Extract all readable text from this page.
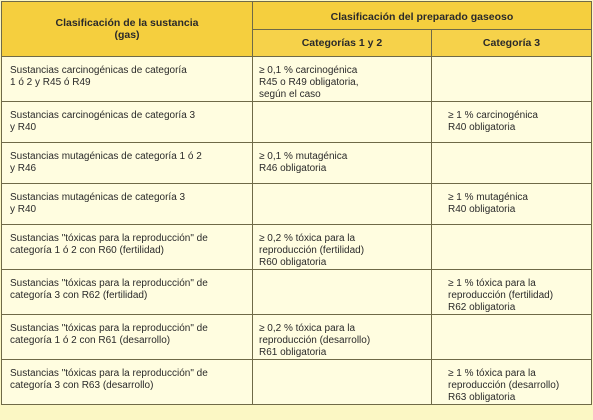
Clasificación de la sustancia
(gas)	Clasificación del preparado gaseoso	

	Categorías 1 y 2	Categoría 3

Sustancias carcinogénicas de categoría
1 ó 2 y R45 ó R49	≥ 0,1 % carcinogénica
R45 o R49 obligatoria,
según el caso	

Sustancias carcinogénicas de categoría 3
y R40		≥ 1 % carcinogénica
R40 obligatoria

Sustancias mutagénicas de categoría 1 ó 2
y R46	≥ 0,1 % mutagénica
R46 obligatoria	

Sustancias mutagénicas de categoría 3
y R40		≥ 1 % mutagénica
R40 obligatoria

Sustancias "tóxicas para la reproducción" de
categoría 1 ó 2 con R60 (fertilidad)	≥ 0,2 % tóxica para la
reproducción (fertilidad)
R60 obligatoria	

Sustancias "tóxicas para la reproducción" de
categoría 3 con R62 (fertilidad)		≥ 1 % tóxica para la
reproducción (fertilidad)
R62 obligatoria

Sustancias "tóxicas para la reproducción" de
categoría 1 ó 2 con R61 (desarrollo)	≥ 0,2 % tóxica para la
reproducción (desarrollo)
R61 obligatoria	

Sustancias "tóxicas para la reproducción" de
categoría 3 con R63 (desarrollo)		≥ 1 % tóxica para la
reproducción (desarrollo)
R63 obligatoria
